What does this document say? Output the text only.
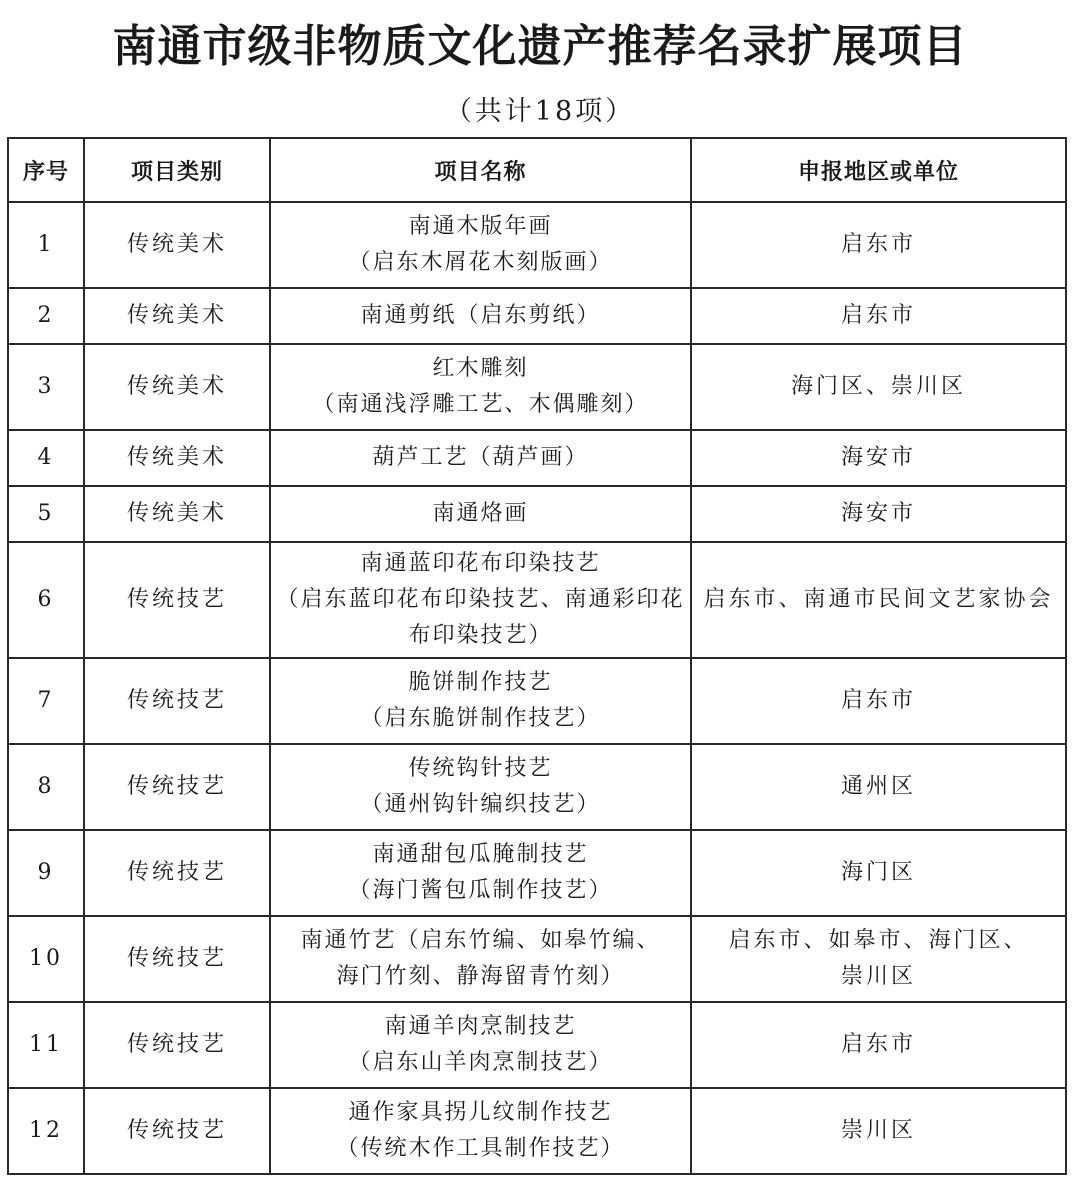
南通市级非物质文化遗产推荐名录扩展项目
（共计18项）
序号	项目类别	项目名称	申报地区或单位
1	传统美术	南通木版年画
（启东木屑花木刻版画）	启东市

2	传统美术	南通剪纸（启东剪纸）	启东市

3	传统美术	红木雕刻
（南通浅浮雕工艺、木偶雕刻）	海门区、崇川区

4	传统美术	葫芦工艺（葫芦画）	海安市

5	传统美术	南通烙画	海安市

6	传统技艺	南通蓝印花布印染技艺
（启东蓝印花布印染技艺、南通彩印花
布印染技艺）	启东市、南通市民间文艺家协会

7	传统技艺	脆饼制作技艺
（启东脆饼制作技艺）	启东市

8	传统技艺	传统钩针技艺
（通州钩针编织技艺）	通州区

9	传统技艺	南通甜包瓜腌制技艺
（海门酱包瓜制作技艺）	海门区

10	传统技艺	南通竹艺（启东竹编、如皋竹编、
海门竹刻、静海留青竹刻）	启东市、如皋市、海门区、
崇川区

11	传统技艺	南通羊肉烹制技艺
（启东山羊肉烹制技艺）	启东市

12	传统技艺	通作家具拐儿纹制作技艺
（传统木作工具制作技艺）	崇川区
